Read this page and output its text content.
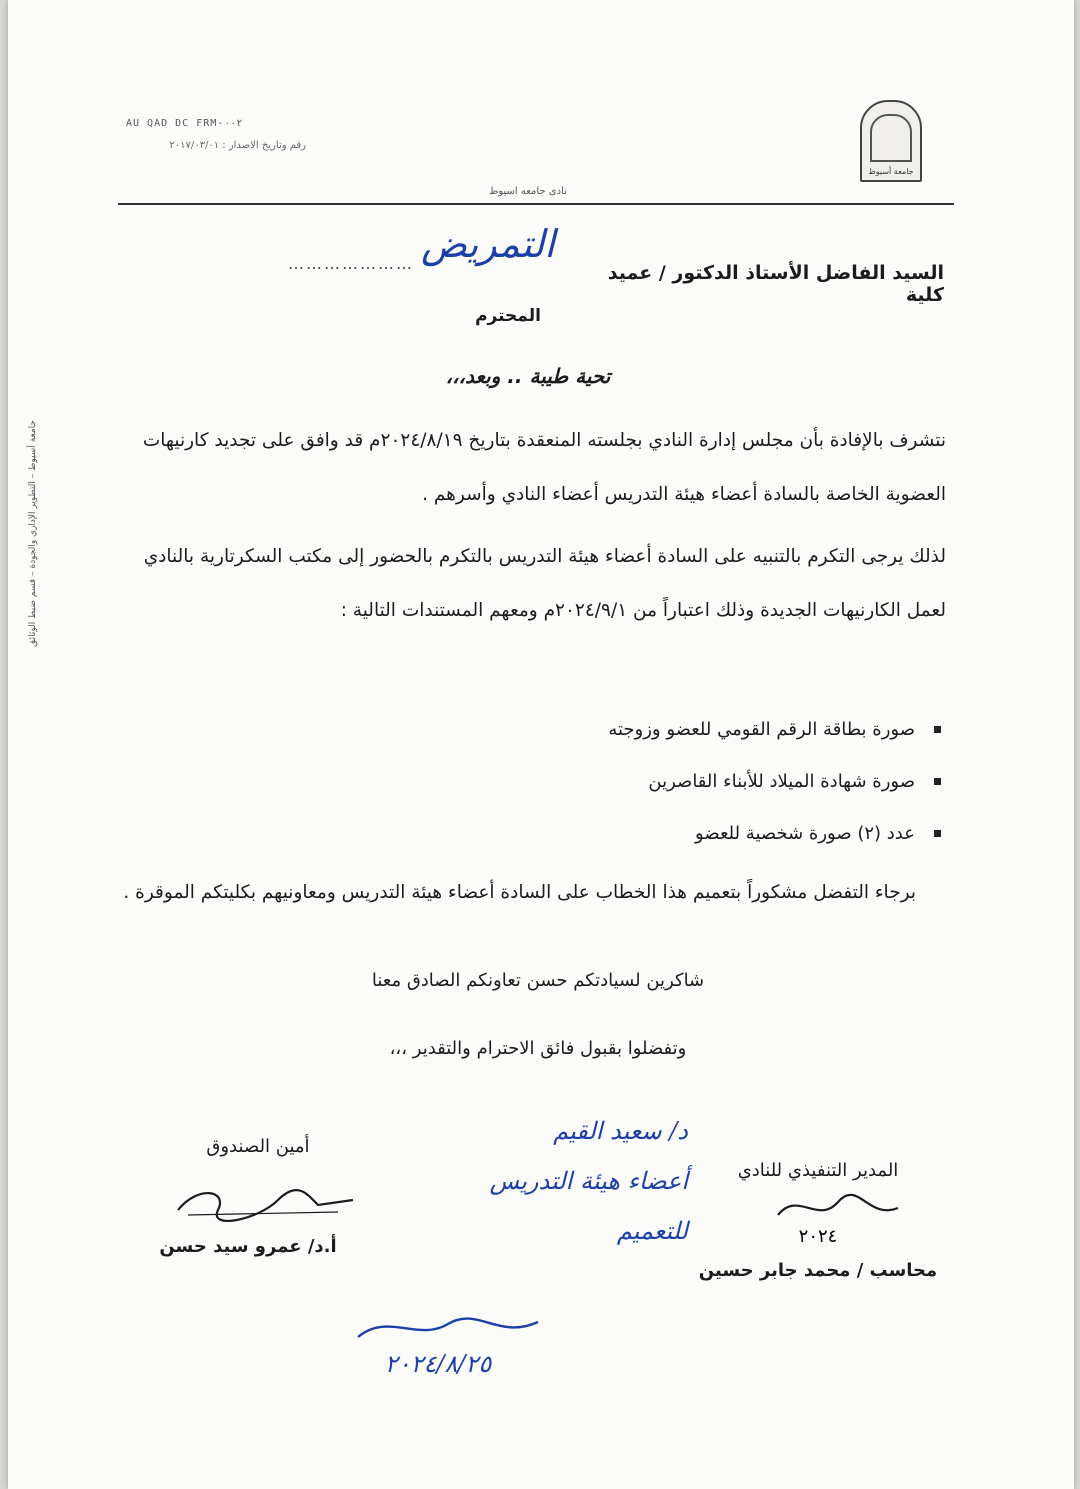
AU QAD DC FRM-٠٠٢
رقم وتاريخ الاصدار : ٢٠١٧/٠٣/٠١
جامعة أسيوط
نادى جامعه اسيوط
السيد الفاضل الأستاذ الدكتور / عميد كلية
التمريض
…………………
المحترم
تحية طيبة .. وبعد،،،
نتشرف بالإفادة بأن مجلس إدارة النادي بجلسته المنعقدة بتاريخ ٢٠٢٤/٨/١٩م قد وافق على تجديد كارنيهات العضوية الخاصة بالسادة أعضاء هيئة التدريس أعضاء النادي وأسرهم .
لذلك يرجى التكرم بالتنبيه على السادة أعضاء هيئة التدريس بالتكرم بالحضور إلى مكتب السكرتارية بالنادي لعمل الكارنيهات الجديدة وذلك اعتباراً من ٢٠٢٤/٩/١م ومعهم المستندات التالية :
صورة بطاقة الرقم القومي للعضو وزوجته
صورة شهادة الميلاد للأبناء القاصرين
عدد (٢) صورة شخصية للعضو
برجاء التفضل مشكوراً بتعميم هذا الخطاب على السادة أعضاء هيئة التدريس ومعاونيهم بكليتكم الموقرة .
شاكرين لسيادتكم حسن تعاونكم الصادق معنا
وتفضلوا بقبول فائق الاحترام والتقدير ،،،
أمين الصندوق
أ.د/ عمرو سيد حسن
المدير التنفيذي للنادي
٢٠٢٤
محاسب / محمد جابر حسين
د/ سعيد القيم
أعضاء هيئة التدريس
للتعميم
٢٠٢٤/٨/٢٥
جامعة أسيوط – التطوير الإداري والجودة – قسم ضبط الوثائق
